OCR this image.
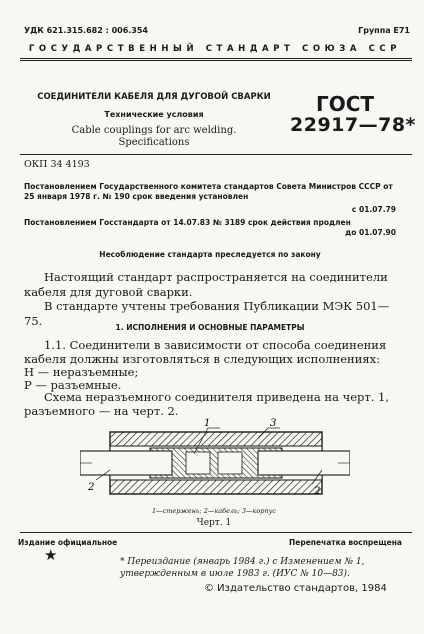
УДК 621.315.682 : 006.354	Группа Е71
ГОСУДАРСТВЕННЫЙ СТАНДАРТ СОЮЗА ССР
СОЕДИНИТЕЛИ КАБЕЛЯ ДЛЯ ДУГОВОЙ СВАРКИ
Технические условия
Cable couplings for arc welding.
Specifications
ГОСТ
22917—78*
ОКП 34 4193
Постановлением Государственного комитета стандартов Совета Министров СССР от 25 января 1978 г. № 190 срок введения установлен
с 01.07.79
Постановлением Госстандарта от 14.07.83 № 3189 срок действия продлен
до 01.07.90
Несоблюдение стандарта преследуется по закону
Настоящий стандарт распространяется на соединители кабеля для дуговой сварки.
В стандарте учтены требования Публикации МЭК 501—75.	1. ИСПОЛНЕНИЯ И ОСНОВНЫЕ ПАРАМЕТРЫ
1.1. Соединители в зависимости от способа соединения кабеля должны изготовляться в следующих исполнениях:
Н — неразъемные;
Р — разъемные.
Схема неразъемного соединителя приведена на черт. 1, разъемного — на черт. 2.
1	3
2	2
1—стержень; 2—кабель; 3—корпус
Черт. 1
Издание официальное	Перепечатка воспрещена
★	* Переиздание (январь 1984 г.) с Изменением № 1, утвержденным в июле 1983 г. (ИУС № 10—83).
© Издательство стандартов, 1984
